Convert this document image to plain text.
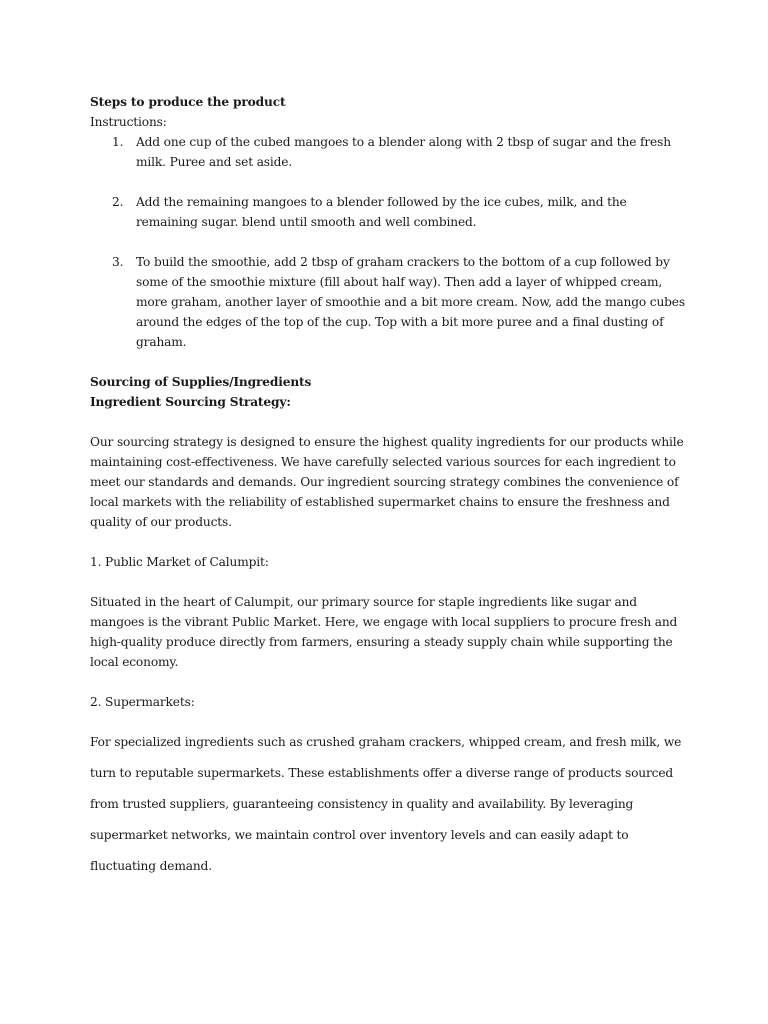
Steps to produce the product

Instructions:

1. Add one cup of the cubed mangoes to a blender along with 2 tbsp of sugar and the fresh milk. Puree and set aside.
2. Add the remaining mangoes to a blender followed by the ice cubes, milk, and the remaining sugar. blend until smooth and well combined.
3. To build the smoothie, add 2 tbsp of graham crackers to the bottom of a cup followed by some of the smoothie mixture (fill about half way). Then add a layer of whipped cream, more graham, another layer of smoothie and a bit more cream. Now, add the mango cubes around the edges of the top of the cup. Top with a bit more puree and a final dusting of graham.

Sourcing of Supplies/Ingredients

Ingredient Sourcing Strategy:

Our sourcing strategy is designed to ensure the highest quality ingredients for our products while maintaining cost-effectiveness. We have carefully selected various sources for each ingredient to meet our standards and demands. Our ingredient sourcing strategy combines the convenience of local markets with the reliability of established supermarket chains to ensure the freshness and quality of our products.

1. Public Market of Calumpit:

Situated in the heart of Calumpit, our primary source for staple ingredients like sugar and mangoes is the vibrant Public Market. Here, we engage with local suppliers to procure fresh and high-quality produce directly from farmers, ensuring a steady supply chain while supporting the local economy.

2. Supermarkets:

For specialized ingredients such as crushed graham crackers, whipped cream, and fresh milk, we turn to reputable supermarkets. These establishments offer a diverse range of products sourced from trusted suppliers, guaranteeing consistency in quality and availability. By leveraging supermarket networks, we maintain control over inventory levels and can easily adapt to fluctuating demand.
